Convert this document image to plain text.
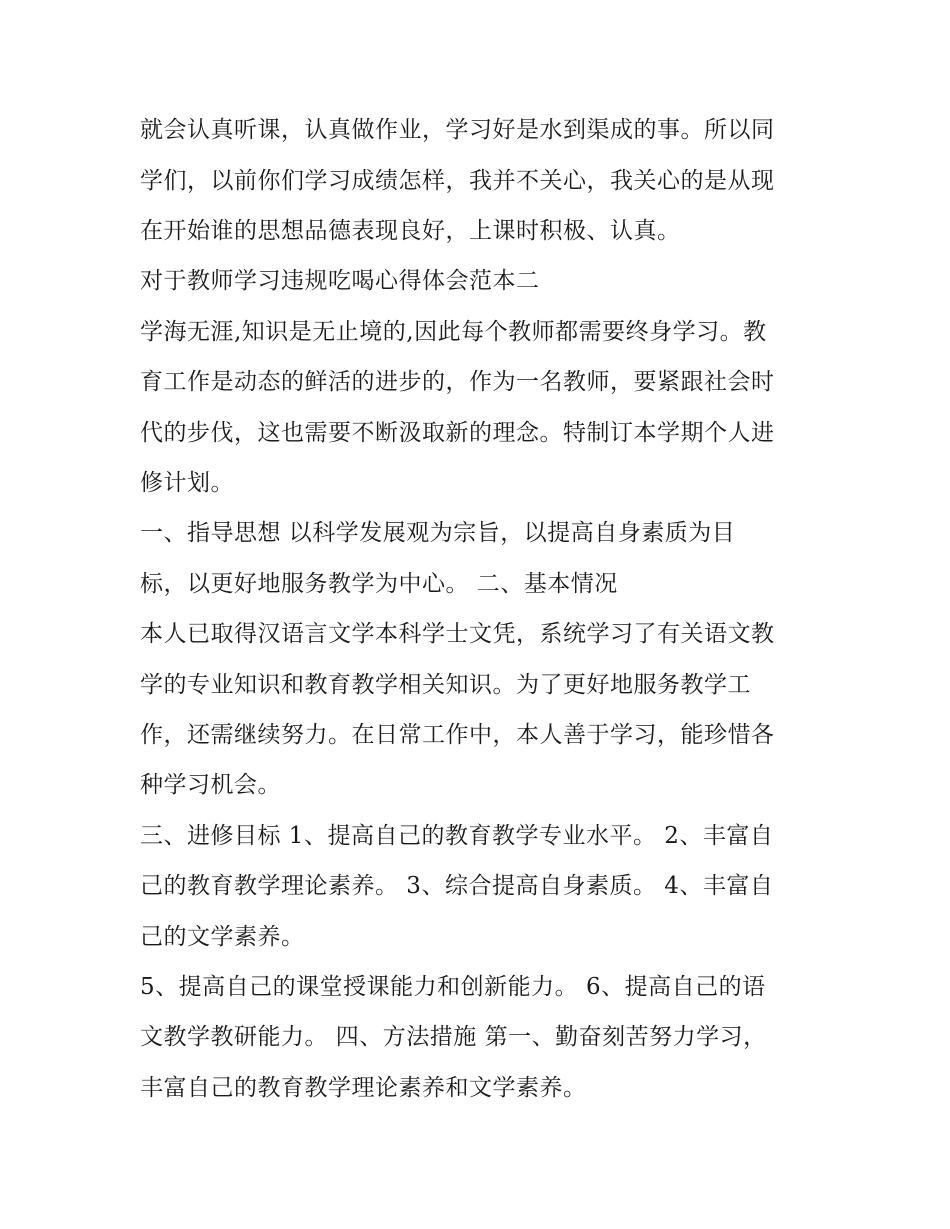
就会认真听课，认真做作业，学习好是水到渠成的事。所以同
学们，以前你们学习成绩怎样，我并不关心，我关心的是从现
在开始谁的思想品德表现良好，上课时积极、认真。
对于教师学习违规吃喝心得体会范本二
学海无涯,知识是无止境的,因此每个教师都需要终身学习。教
育工作是动态的鲜活的进步的，作为一名教师，要紧跟社会时
代的步伐，这也需要不断汲取新的理念。特制订本学期个人进
修计划。
一、指导思想 以科学发展观为宗旨，以提高自身素质为目
标，以更好地服务教学为中心。 二、基本情况
本人已取得汉语言文学本科学士文凭，系统学习了有关语文教
学的专业知识和教育教学相关知识。为了更好地服务教学工
作，还需继续努力。在日常工作中，本人善于学习，能珍惜各
种学习机会。
三、进修目标 1、提高自己的教育教学专业水平。 2、丰富自
己的教育教学理论素养。 3、综合提高自身素质。 4、丰富自
己的文学素养。
5、提高自己的课堂授课能力和创新能力。 6、提高自己的语
文教学教研能力。 四、方法措施 第一、勤奋刻苦努力学习，
丰富自己的教育教学理论素养和文学素养。
